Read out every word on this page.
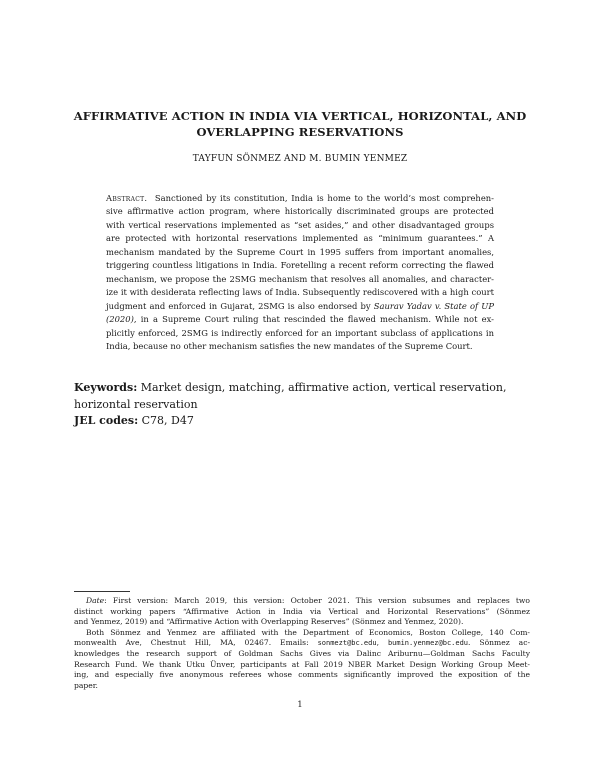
AFFIRMATIVE ACTION IN INDIA VIA VERTICAL, HORIZONTAL, AND
OVERLAPPING RESERVATIONS
TAYFUN SÖNMEZ AND M. BUMIN YENMEZ
Abstract. Sanctioned by its constitution, India is home to the world’s most comprehen-
sive affirmative action program, where historically discriminated groups are protected
with vertical reservations implemented as “set asides,” and other disadvantaged groups
are protected with horizontal reservations implemented as “minimum guarantees.” A
mechanism mandated by the Supreme Court in 1995 suffers from important anomalies,
triggering countless litigations in India. Foretelling a recent reform correcting the flawed
mechanism, we propose the 2SMG mechanism that resolves all anomalies, and character-
ize it with desiderata reflecting laws of India. Subsequently rediscovered with a high court
judgment and enforced in Gujarat, 2SMG is also endorsed by Saurav Yadav v. State of UP
(2020), in a Supreme Court ruling that rescinded the flawed mechanism. While not ex-
plicitly enforced, 2SMG is indirectly enforced for an important subclass of applications in
India, because no other mechanism satisfies the new mandates of the Supreme Court.
Keywords: Market design, matching, affirmative action, vertical reservation, horizontal reservation
JEL codes: C78, D47
Date: First version: March 2019, this version: October 2021. This version subsumes and replaces two
distinct working papers “Affirmative Action in India via Vertical and Horizontal Reservations” (Sönmez
and Yenmez, 2019) and “Affirmative Action with Overlapping Reserves” (Sönmez and Yenmez, 2020).
Both Sönmez and Yenmez are affiliated with the Department of Economics, Boston College, 140 Com-
monwealth Ave, Chestnut Hill, MA, 02467. Emails: sonmezt@bc.edu, bumin.yenmez@bc.edu. Sönmez ac-
knowledges the research support of Goldman Sachs Gives via Dalinc Ariburnu—Goldman Sachs Faculty
Research Fund. We thank Utku Ünver, participants at Fall 2019 NBER Market Design Working Group Meet-
ing, and especially five anonymous referees whose comments significantly improved the exposition of the
paper.
1
